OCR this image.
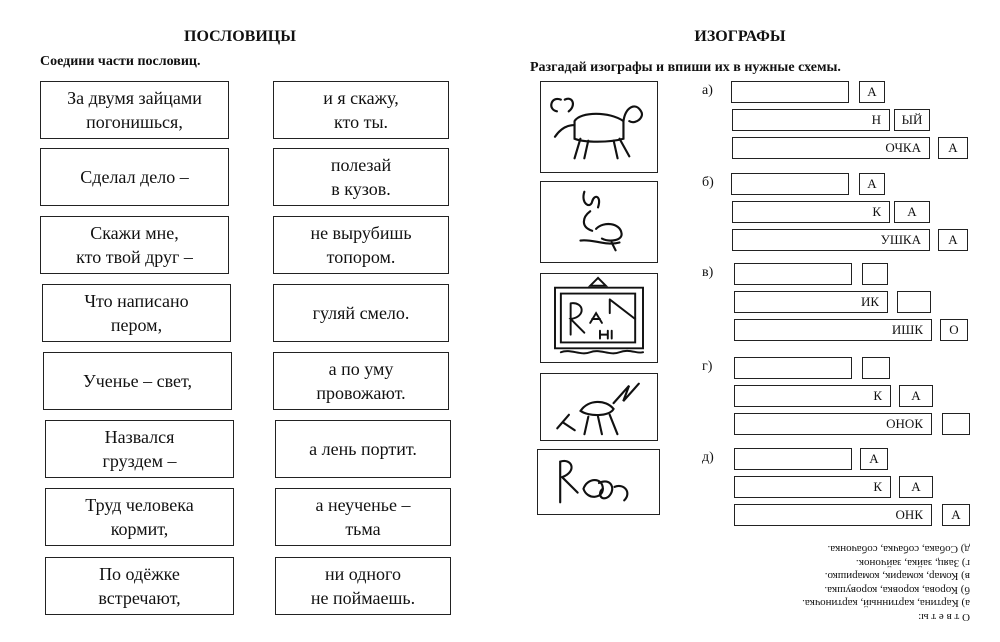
ПОСЛОВИЦЫ
Соедини части пословиц.
За двумя зайцами
погонишься,
и я скажу,
кто ты.
Сделал дело –
полезай
в кузов.
Скажи мне,
кто твой друг –
не вырубишь
топором.
Что написано
пером,
гуляй смело.
Ученье – свет,
а по уму
провожают.
Назвался
груздем –
а лень портит.
Труд человека
кормит,
а неученье –
тьма
По одёжке
встречают,
ни одного
не поймаешь.
ИЗОГРАФЫ
Разгадай изографы и впиши их в нужные схемы.
а)	А
Н	ЫЙ
ОЧКА	А
б)	А
К	А
УШКА	А
в)
ИК
ИШК	О
г)
К	А
ОНОК
д)	А
К	А
ОНК	А
О т в е т ы:
а) Картина, картинный, картиночка.
б) Корова, коровка, коровушка.
в) Комар, комарик, комаришко.
г) Заяц, зайка, зайчонок.
д) Собака, собачка, собачонка.
